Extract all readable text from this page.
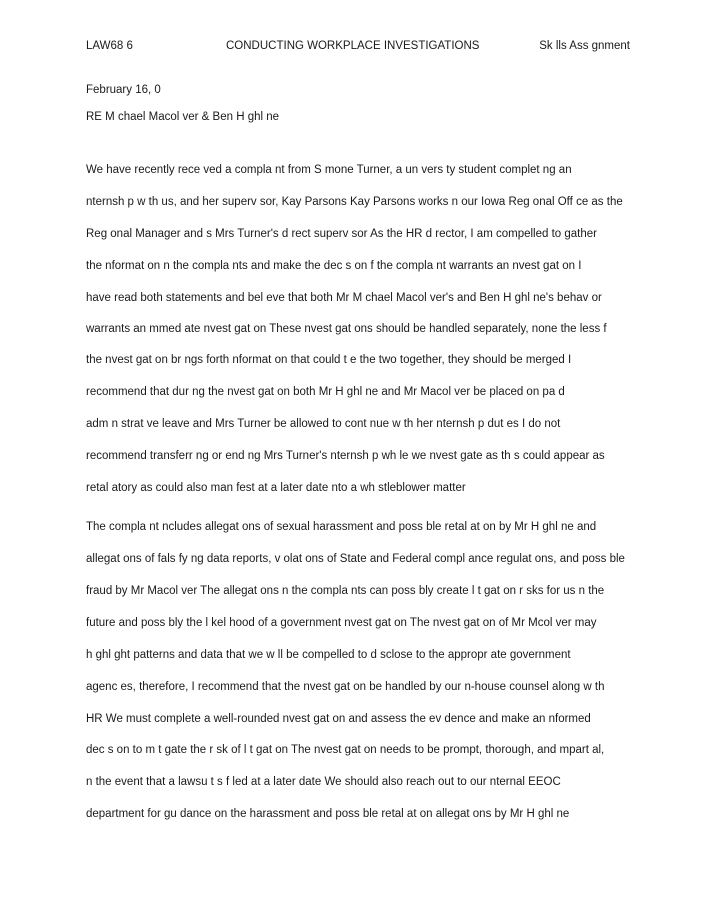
LAW68 6	CONDUCTING WORKPLACE INVESTIGATIONS	Sk lls Ass gnment
February 16, 0
RE M chael Macol ver & Ben H ghl ne
We have recently rece ved a compla nt from S mone Turner, a un vers ty student complet ng an
nternsh p w th us, and her superv sor, Kay Parsons Kay Parsons works n our Iowa Reg onal Off ce as the
Reg onal Manager and s Mrs Turner's d rect superv sor As the HR d rector, I am compelled to gather
the nformat on n the compla nts and make the dec s on f the compla nt warrants an nvest gat on I
have read both statements and bel eve that both Mr M chael Macol ver's and Ben H ghl ne's behav or
warrants an mmed ate nvest gat on These nvest gat ons should be handled separately, none the less f
the nvest gat on br ngs forth nformat on that could t e the two together, they should be merged I
recommend that dur ng the nvest gat on both Mr H ghl ne and Mr Macol ver be placed on pa d
adm n strat ve leave and Mrs Turner be allowed to cont nue w th her nternsh p dut es I do not
recommend transferr ng or end ng Mrs Turner's nternsh p wh le we nvest gate as th s could appear as
retal atory as could also man fest at a later date nto a wh stleblower matter
The compla nt ncludes allegat ons of sexual harassment and poss ble retal at on by Mr H ghl ne and
allegat ons of fals fy ng data reports, v olat ons of State and Federal compl ance regulat ons, and poss ble
fraud by Mr Macol ver The allegat ons n the compla nts can poss bly create l t gat on r sks for us n the
future and poss bly the l kel hood of a government nvest gat on The nvest gat on of Mr Mcol ver may
h ghl ght patterns and data that we w ll be compelled to d sclose to the appropr ate government
agenc es, therefore, I recommend that the nvest gat on be handled by our n-house counsel along w th
HR We must complete a well-rounded nvest gat on and assess the ev dence and make an nformed
dec s on to m t gate the r sk of l t gat on The nvest gat on needs to be prompt, thorough, and mpart al,
n the event that a lawsu t s f led at a later date We should also reach out to our nternal EEOC
department for gu dance on the harassment and poss ble retal at on allegat ons by Mr H ghl ne
